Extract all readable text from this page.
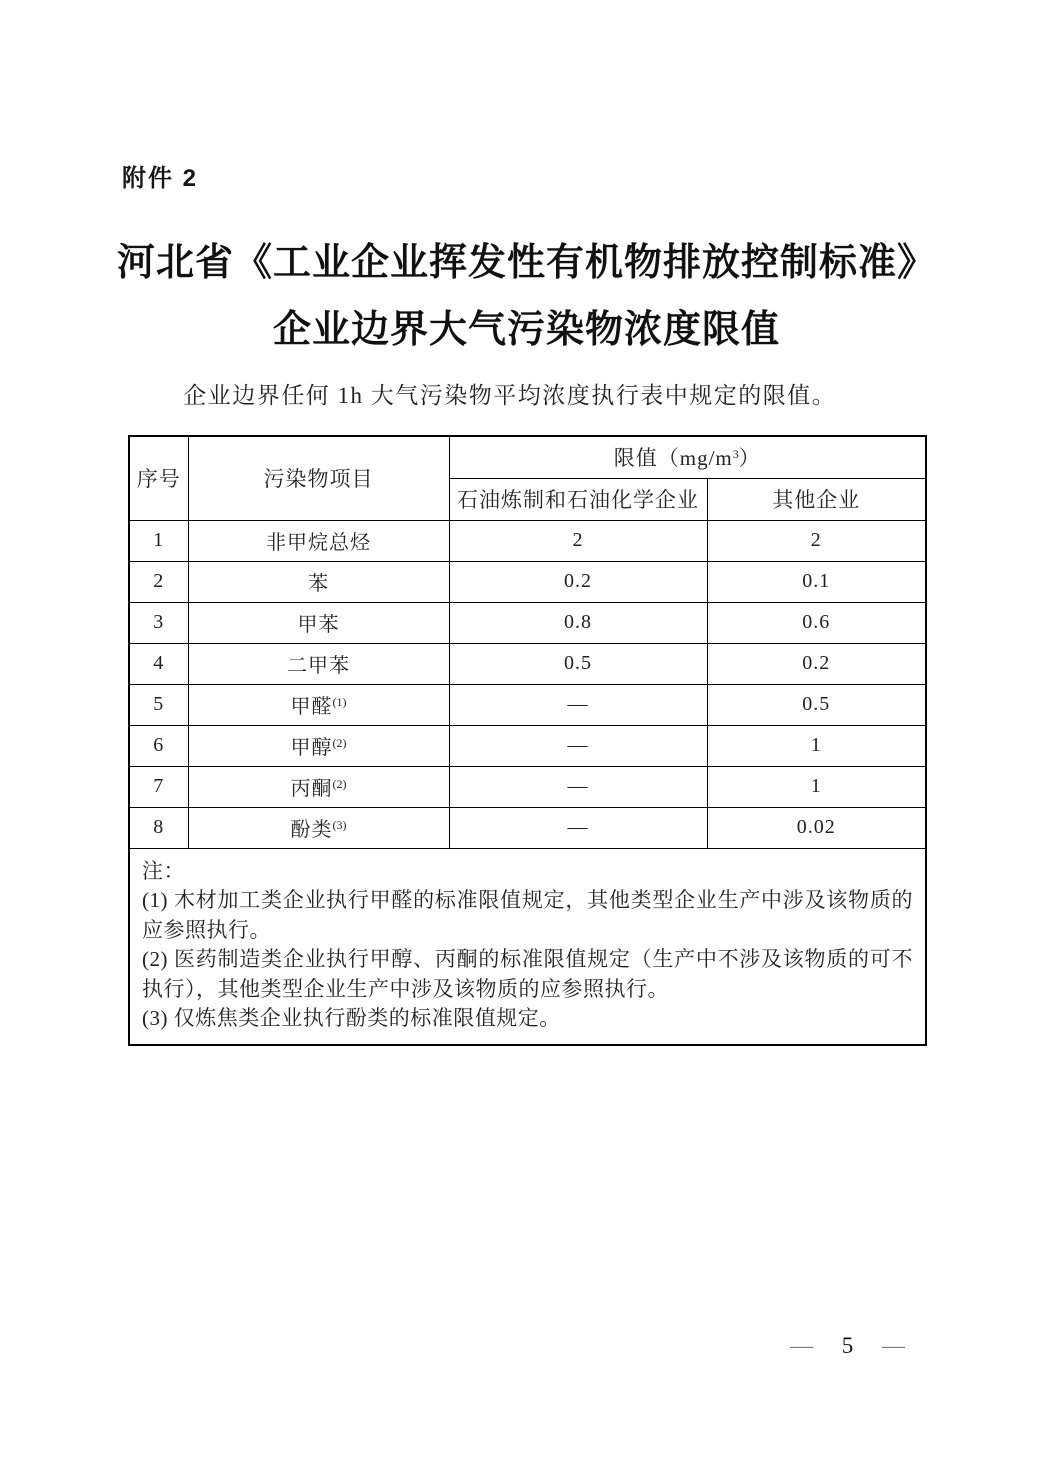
附件 2
河北省《工业企业挥发性有机物排放控制标准》
企业边界大气污染物浓度限值

企业边界任何 1h 大气污染物平均浓度执行表中规定的限值。

序号	污染物项目	限值$(mg/m^3)$	
		石油炼制和石油化学企业	其他企业
1	非甲烷总烃	2	2
2	苯	0.2	0.1
3	甲苯	0.8	0.6
4	二甲苯	0.5	0.2
5	甲醛$^{(1)}$	—	0.5
6	甲醇$^{(2)}$	—	1
7	丙酮$^{(2)}$	—	1
8	酚类$^{(3)}$	—	0.02

注：
(1) 木材加工类企业执行甲醛的标准限值规定，其他类型企业生产中涉及该物质的应参照执行。
(2) 医药制造类企业执行甲醇、丙酮的标准限值规定（生产中不涉及该物质的可不执行），其他类型企业生产中涉及该物质的应参照执行。
(3) 仅炼焦类企业执行酚类的标准限值规定。			
— 5 —
